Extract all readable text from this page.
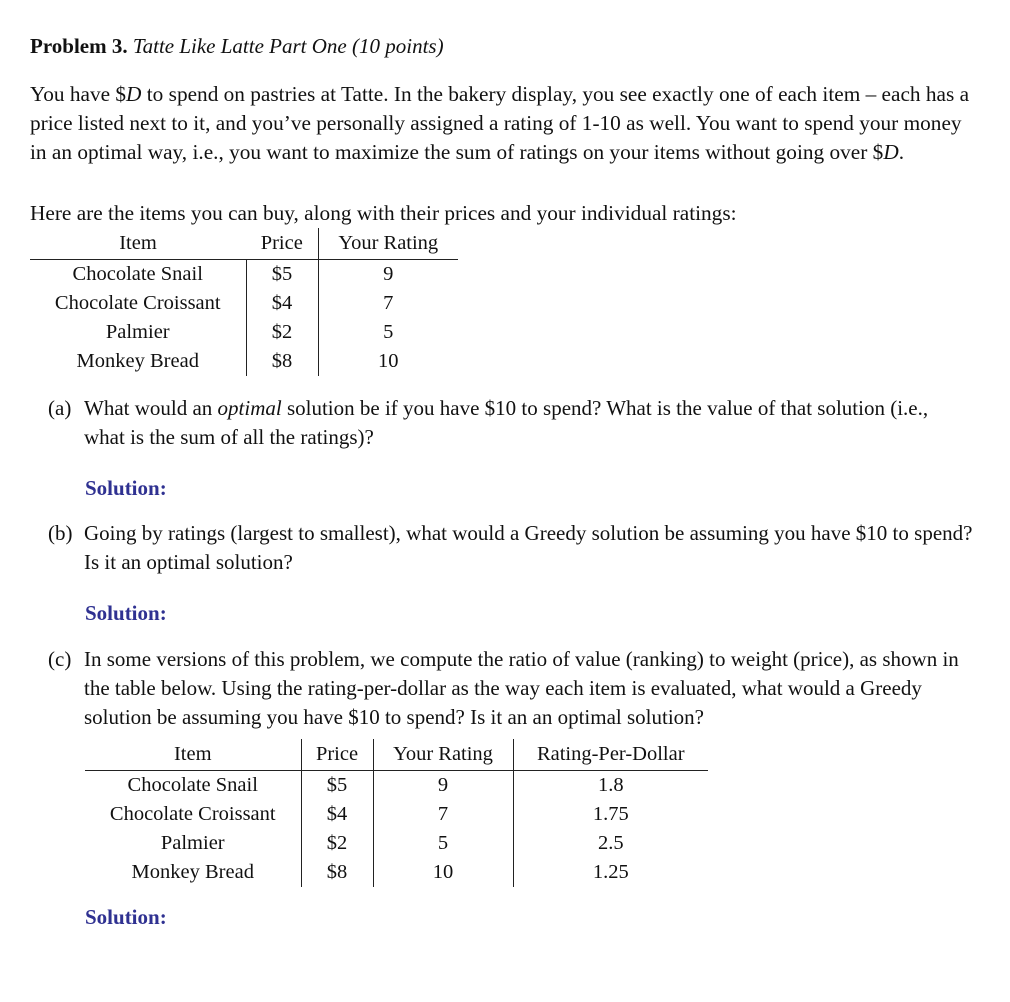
Problem 3. Tatte Like Latte Part One (10 points)
You have $D to spend on pastries at Tatte. In the bakery display, you see exactly one of each item – each has a price listed next to it, and you’ve personally assigned a rating of 1-10 as well. You want to spend your money in an optimal way, i.e., you want to maximize the sum of ratings on your items without going over $D.
Here are the items you can buy, along with their prices and your individual ratings:
Item	Price	Your Rating
Chocolate Snail	$5	9
Chocolate Croissant	$4	7
Palmier	$2	5
Monkey Bread	$8	10
(a) What would an optimal solution be if you have $10 to spend? What is the value of that solution (i.e., what is the sum of all the ratings)?
Solution:
(b) Going by ratings (largest to smallest), what would a Greedy solution be assuming you have $10 to spend? Is it an optimal solution?
Solution:
(c) In some versions of this problem, we compute the ratio of value (ranking) to weight (price), as shown in the table below. Using the rating-per-dollar as the way each item is evaluated, what would a Greedy solution be assuming you have $10 to spend? Is it an an optimal solution?
Item	Price	Your Rating	Rating-Per-Dollar
Chocolate Snail	$5	9	1.8
Chocolate Croissant	$4	7	1.75
Palmier	$2	5	2.5
Monkey Bread	$8	10	1.25
Solution:
